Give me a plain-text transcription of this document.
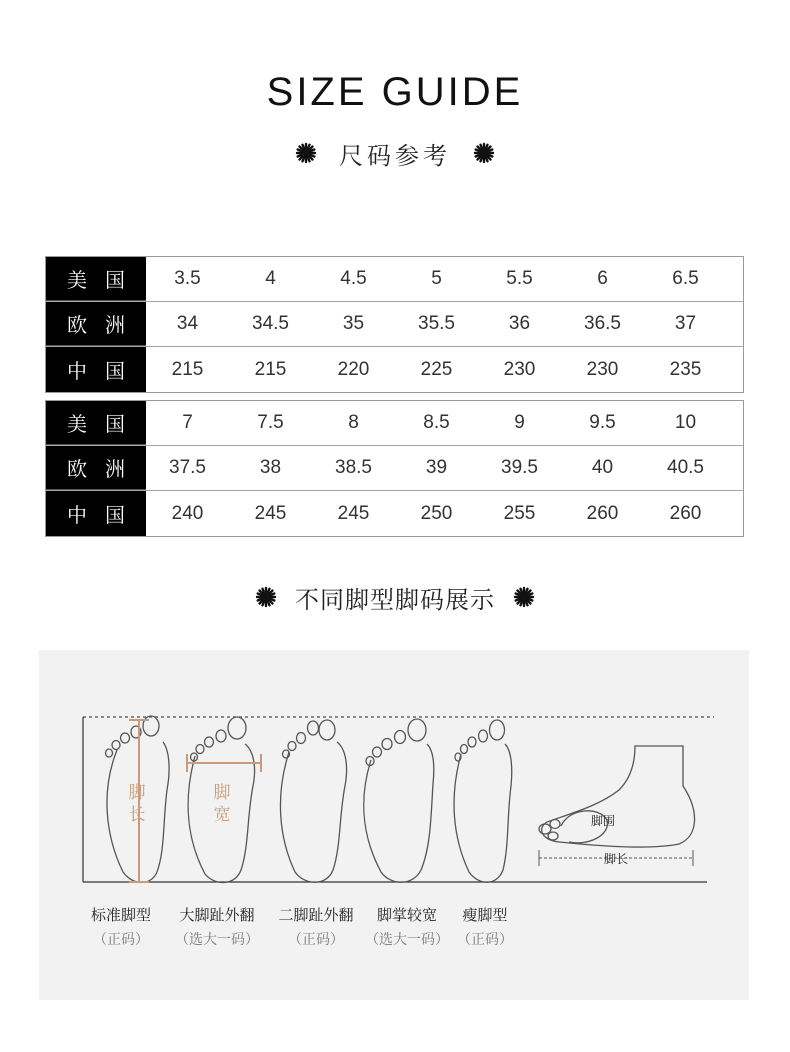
SIZE GUIDE
尺码参考
美国	3.5	4	4.5	5	5.5	6	6.5
欧洲	34	34.5	35	35.5	36	36.5	37
中国	215	215	220	225	230	230	235
美国	7	7.5	8	8.5	9	9.5	10
欧洲	37.5	38	38.5	39	39.5	40	40.5
中国	240	245	245	250	255	260	260
不同脚型脚码展示
脚
长
脚
宽	脚围
脚长
标准脚型
（正码）
大脚趾外翻
（选大一码）
二脚趾外翻
（正码）
脚掌较宽
（选大一码）
瘦脚型
（正码）
